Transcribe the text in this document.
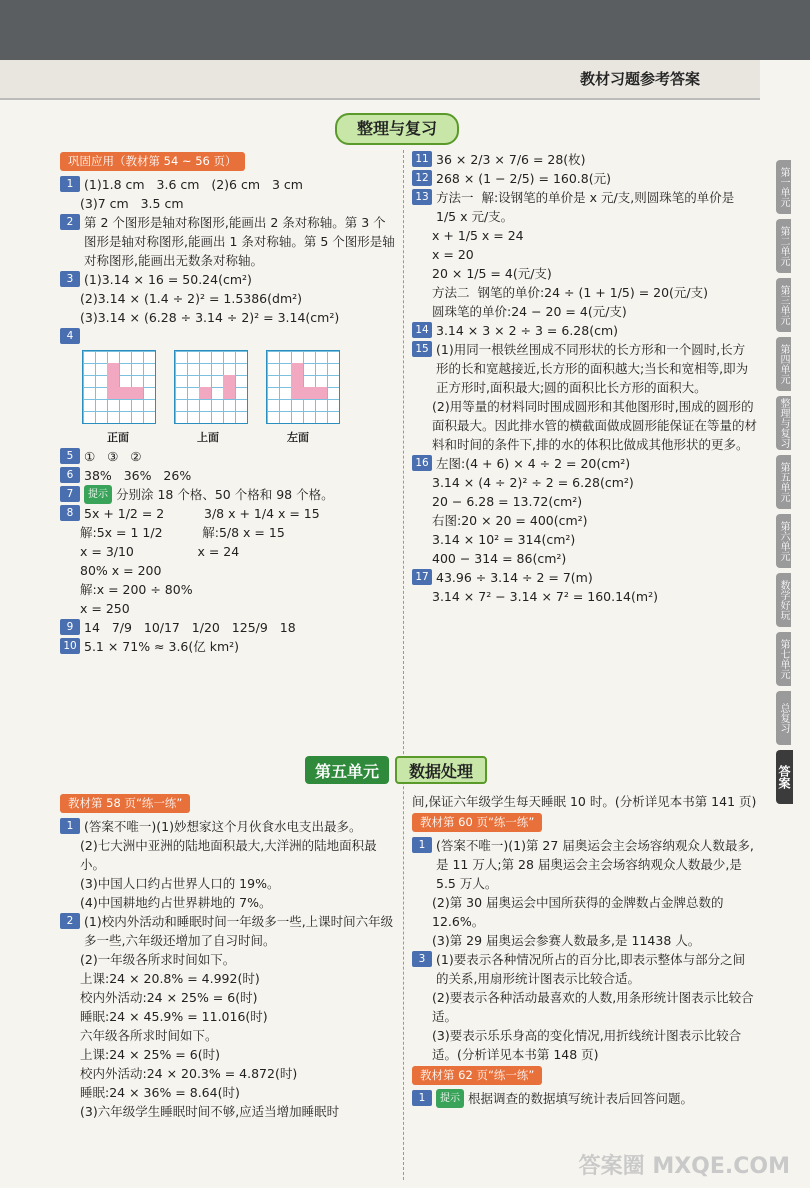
教材习题参考答案
第一单元
第二单元
第三单元
第四单元
整理与复习
第五单元
第六单元
数学好玩
第七单元
总复习
答案
整理与复习
巩固应用（教材第 54 ~ 56 页）
1 (1)1.8 cm   3.6 cm   (2)6 cm   3 cm
(3)7 cm   3.5 cm
2 第 2 个图形是轴对称图形,能画出 2 条对称轴。第 3 个图形是轴对称图形,能画出 1 条对称轴。第 5 个图形是轴对称图形,能画出无数条对称轴。
3 (1)3.14 × 16 = 50.24(cm²)
(2)3.14 × (1.4 ÷ 2)² = 1.5386(dm²)
(3)3.14 × (6.28 ÷ 3.14 ÷ 2)² = 3.14(cm²)
4
正面	上面	左面
5 ①   ③   ②
6 38%   36%   26%
7	提示 分别涂 18 个格、50 个格和 98 个格。
8 5x + 1/2 = 2          3/8 x + 1/4 x = 15
解:5x = 1 1/2          解:5/8 x = 15
x = 3/10                x = 24
80% x = 200
解:x = 200 ÷ 80%
x = 250
9 14   7/9   10/17   1/20   125/9   18
10 5.1 × 71% ≈ 3.6(亿 km²)
11 36 × 2/3 × 7/6 = 28(枚)
12 268 × (1 − 2/5) = 160.8(元)
13 方法一  解:设钢笔的单价是 x 元/支,则圆珠笔的单价是 1/5 x 元/支。
x + 1/5 x = 24
x = 20
20 × 1/5 = 4(元/支)
方法二  钢笔的单价:24 ÷ (1 + 1/5) = 20(元/支)
圆珠笔的单价:24 − 20 = 4(元/支)
14 3.14 × 3 × 2 ÷ 3 = 6.28(cm)
15 (1)用同一根铁丝围成不同形状的长方形和一个圆时,长方形的长和宽越接近,长方形的面积越大;当长和宽相等,即为正方形时,面积最大;圆的面积比长方形的面积大。
(2)用等量的材料同时围成圆形和其他图形时,围成的圆形的面积最大。因此排水管的横截面做成圆形能保证在等量的材料和时间的条件下,排的水的体积比做成其他形状的更多。
16 左图:(4 + 6) × 4 ÷ 2 = 20(cm²)
3.14 × (4 ÷ 2)² ÷ 2 = 6.28(cm²)
20 − 6.28 = 13.72(cm²)
右图:20 × 20 = 400(cm²)
3.14 × 10² = 314(cm²)
400 − 314 = 86(cm²)
17 43.96 ÷ 3.14 ÷ 2 = 7(m)
3.14 × 7² − 3.14 × 7² = 160.14(m²)
第五单元	数据处理
教材第 58 页“练一练”
1 (答案不唯一)(1)妙想家这个月伙食水电支出最多。
(2)七大洲中亚洲的陆地面积最大,大洋洲的陆地面积最小。
(3)中国人口约占世界人口的 19%。
(4)中国耕地约占世界耕地的 7%。
2 (1)校内外活动和睡眠时间一年级多一些,上课时间六年级多一些,六年级还增加了自习时间。
(2)一年级各所求时间如下。
上课:24 × 20.8% = 4.992(时)
校内外活动:24 × 25% = 6(时)
睡眠:24 × 45.9% = 11.016(时)
六年级各所求时间如下。
上课:24 × 25% = 6(时)
校内外活动:24 × 20.3% = 4.872(时)
睡眠:24 × 36% = 8.64(时)
(3)六年级学生睡眠时间不够,应适当增加睡眠时
间,保证六年级学生每天睡眠 10 时。(分析详见本书第 141 页)
教材第 60 页“练一练”
1 (答案不唯一)(1)第 27 届奥运会主会场容纳观众人数最多,是 11 万人;第 28 届奥运会主会场容纳观众人数最少,是 5.5 万人。
(2)第 30 届奥运会中国所获得的金牌数占金牌总数的 12.6%。
(3)第 29 届奥运会参赛人数最多,是 11438 人。
3 (1)要表示各种情况所占的百分比,即表示整体与部分之间的关系,用扇形统计图表示比较合适。
(2)要表示各种活动最喜欢的人数,用条形统计图表示比较合适。
(3)要表示乐乐身高的变化情况,用折线统计图表示比较合适。(分析详见本书第 148 页)
教材第 62 页“练一练”
1	提示 根据调查的数据填写统计表后回答问题。
答案圈 MXQE.COM
